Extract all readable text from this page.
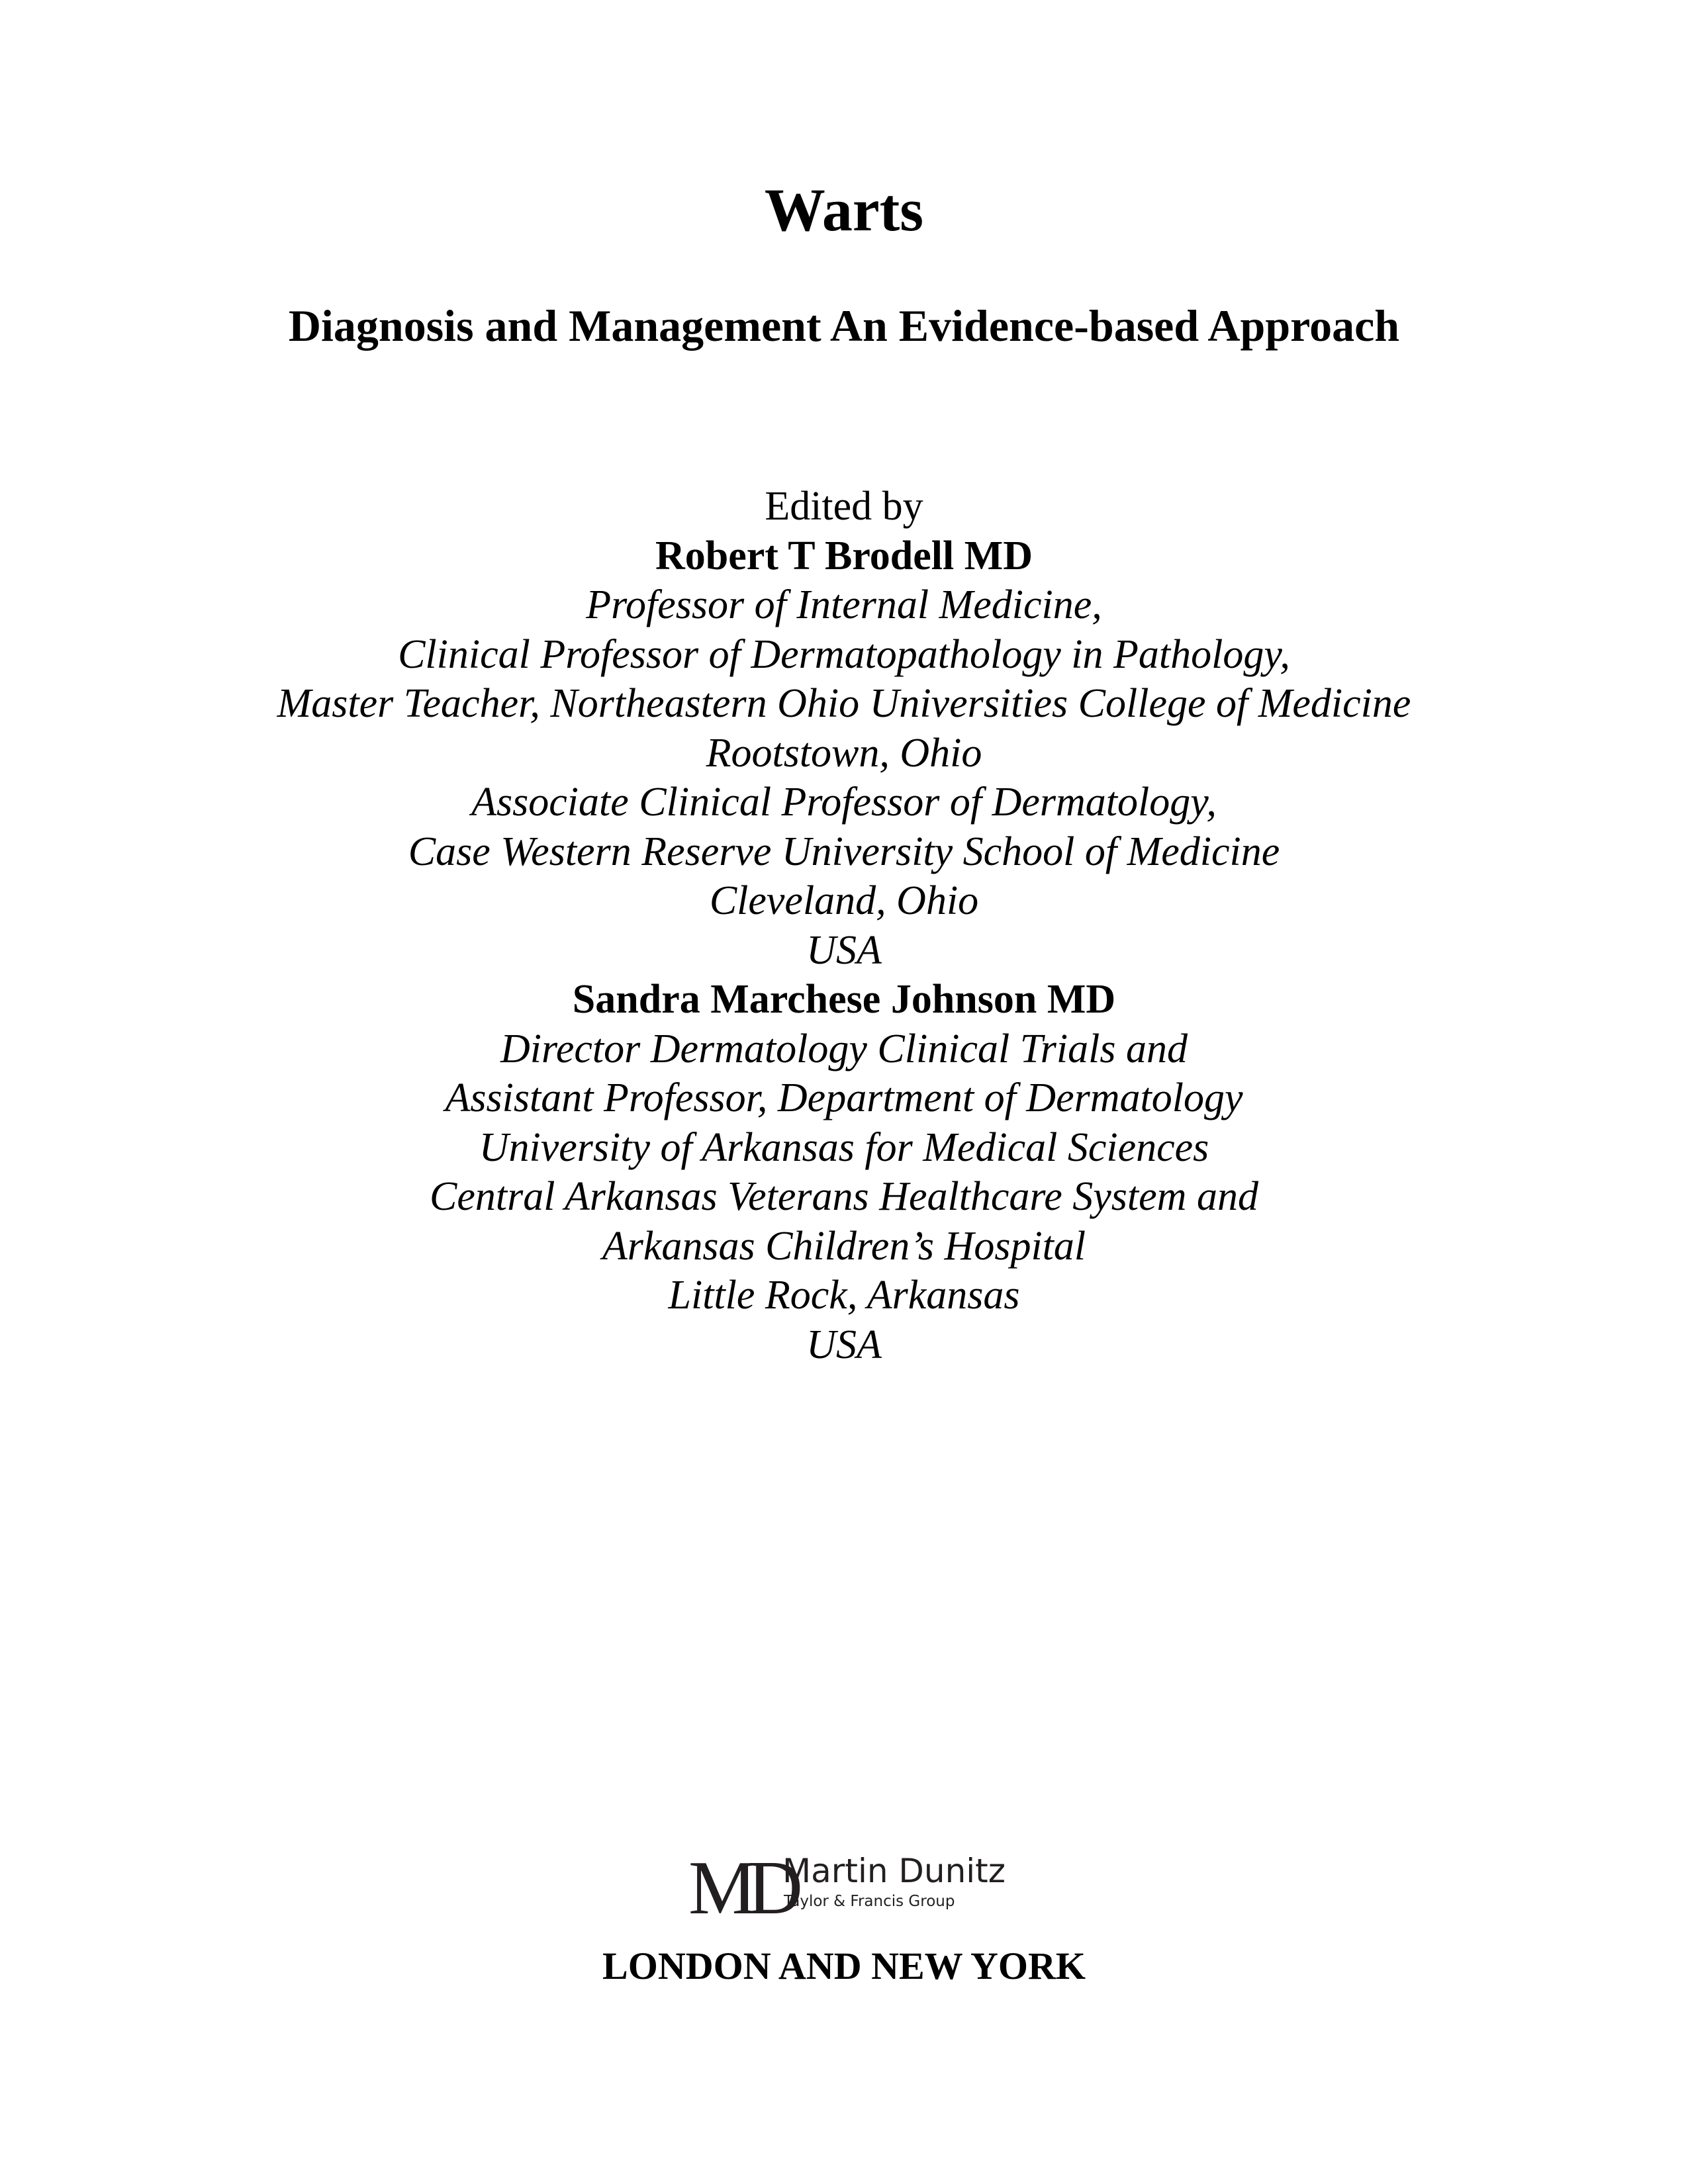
Warts
Diagnosis and Management An Evidence-based Approach
Edited by
Robert T Brodell MD
Professor of Internal Medicine,
Clinical Professor of Dermatopathology in Pathology,
Master Teacher, Northeastern Ohio Universities College of Medicine
Rootstown, Ohio
Associate Clinical Professor of Dermatology,
Case Western Reserve University School of Medicine
Cleveland, Ohio
USA
Sandra Marchese Johnson MD
Director Dermatology Clinical Trials and
Assistant Professor, Department of Dermatology
University of Arkansas for Medical Sciences
Central Arkansas Veterans Healthcare System and
Arkansas Children’s Hospital
Little Rock, Arkansas
USA
MD
Martin Dunitz
Taylor & Francis Group
LONDON AND NEW YORK
